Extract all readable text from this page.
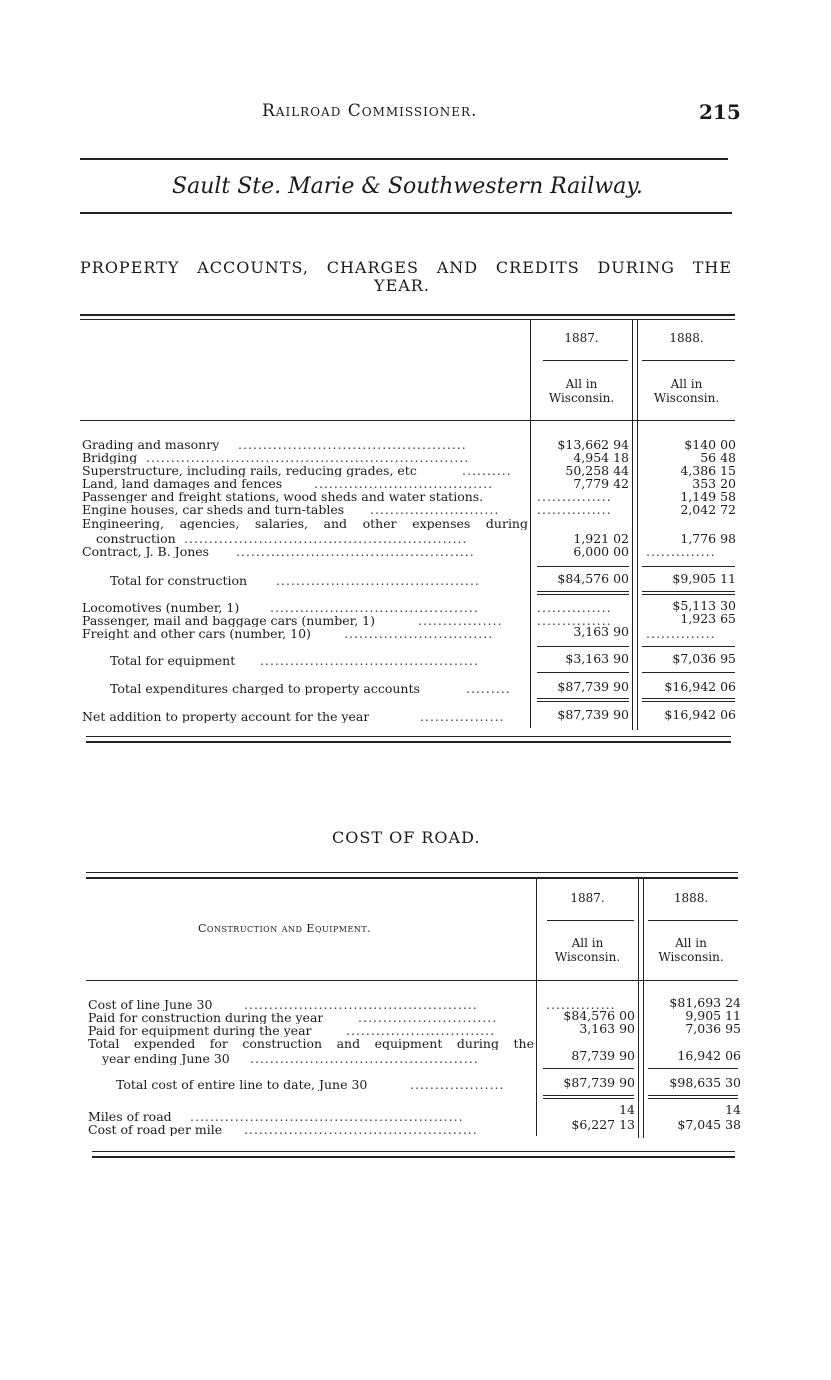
Railroad Commissioner.	215
Sault Ste. Marie & Southwestern Railway.
PROPERTY ACCOUNTS, CHARGES AND CREDITS DURING THE
YEAR.
1887.	1888.
All in
Wisconsin.
All in
Wisconsin.
Grading and masonry ..............................................	$13,662 94	$140 00
Bridging .................................................................	4,954 18	56 48
Superstructure, including rails, reducing grades, etc	..........	50,258 44	4,386 15
Land, land damages and fences	....................................	7,779 42	353 20
Passenger and freight stations, wood sheds and water stations.	...............	1,149 58
Engine houses, car sheds and turn-tables ..........................	...............	2,042 72
Engineering, agencies, salaries, and other expenses during
construction .........................................................	1,921 02	1,776 98
Contract, J. B. Jones ................................................	6,000 00 ..............
Total for construction .........................................	$84,576 00	$9,905 11
Locomotives (number, 1) ..........................................	...............	$5,113 30
Passenger, mail and baggage cars (number, 1)	.................	...............	1,923 65
Freight and other cars (number, 10)	..............................	3,163 90 ..............
Total for equipment ............................................	$3,163 90	$7,036 95
Total expenditures charged to property accounts	.........	$87,739 90	$16,942 06
Net addition to property account for the year	.................	$87,739 90	$16,942 06
COST OF ROAD.
Construction and Equipment.
1887.	1888.
All in
Wisconsin.
All in
Wisconsin.
Cost of line June 30	...............................................	..............	$81,693 24
Paid for construction during the year	............................	$84,576 00	9,905 11
Paid for equipment during the year	..............................	3,163 90	7,036 95
Total expended for construction and equipment during the
year ending June 30 ..............................................	87,739 90	16,942 06
Total cost of entire line to date, June 30	...................	$87,739 90	$98,635 30
Miles of road .......................................................	14	14
Cost of road per mile ...............................................	$6,227 13	$7,045 38
